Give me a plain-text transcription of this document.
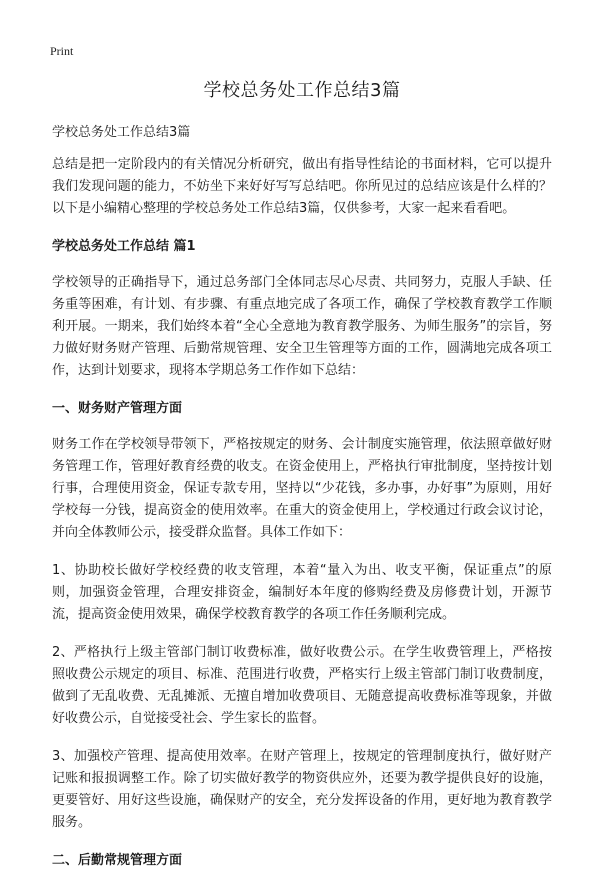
Print
学校总务处工作总结3篇
学校总务处工作总结3篇

总结是把一定阶段内的有关情况分析研究，做出有指导性结论的书面材料，它可以提升我们发现问题的能力，不妨坐下来好好写写总结吧。你所见过的总结应该是什么样的？以下是小编精心整理的学校总务处工作总结3篇，仅供参考，大家一起来看看吧。

学校总务处工作总结 篇1

学校领导的正确指导下，通过总务部门全体同志尽心尽责、共同努力，克服人手缺、任务重等困难，有计划、有步骤、有重点地完成了各项工作，确保了学校教育教学工作顺利开展。一期来，我们始终本着“全心全意地为教育教学服务、为师生服务”的宗旨，努力做好财务财产管理、后勤常规管理、安全卫生管理等方面的工作，圆满地完成各项工作，达到计划要求，现将本学期总务工作作如下总结：

一、财务财产管理方面

财务工作在学校领导带领下，严格按规定的财务、会计制度实施管理，依法照章做好财务管理工作，管理好教育经费的收支。在资金使用上，严格执行审批制度，坚持按计划行事，合理使用资金，保证专款专用，坚持以“少花钱，多办事，办好事”为原则，用好学校每一分钱，提高资金的使用效率。在重大的资金使用上，学校通过行政会议讨论，并向全体教师公示，接受群众监督。具体工作如下：

1、协助校长做好学校经费的收支管理，本着“量入为出、收支平衡，保证重点”的原则，加强资金管理，合理安排资金，编制好本年度的修购经费及房修费计划，开源节流，提高资金使用效果，确保学校教育教学的各项工作任务顺利完成。

2、严格执行上级主管部门制订收费标准，做好收费公示。在学生收费管理上，严格按照收费公示规定的项目、标准、范围进行收费，严格实行上级主管部门制订收费制度，做到了无乱收费、无乱摊派、无擅自增加收费项目、无随意提高收费标准等现象，并做好收费公示，自觉接受社会、学生家长的监督。

3、加强校产管理、提高使用效率。在财产管理上，按规定的管理制度执行，做好财产记账和报损调整工作。除了切实做好教学的物资供应外，还要为教学提供良好的设施，更要管好、用好这些设施，确保财产的安全，充分发挥设备的作用，更好地为教育教学服务。

二、后勤常规管理方面
